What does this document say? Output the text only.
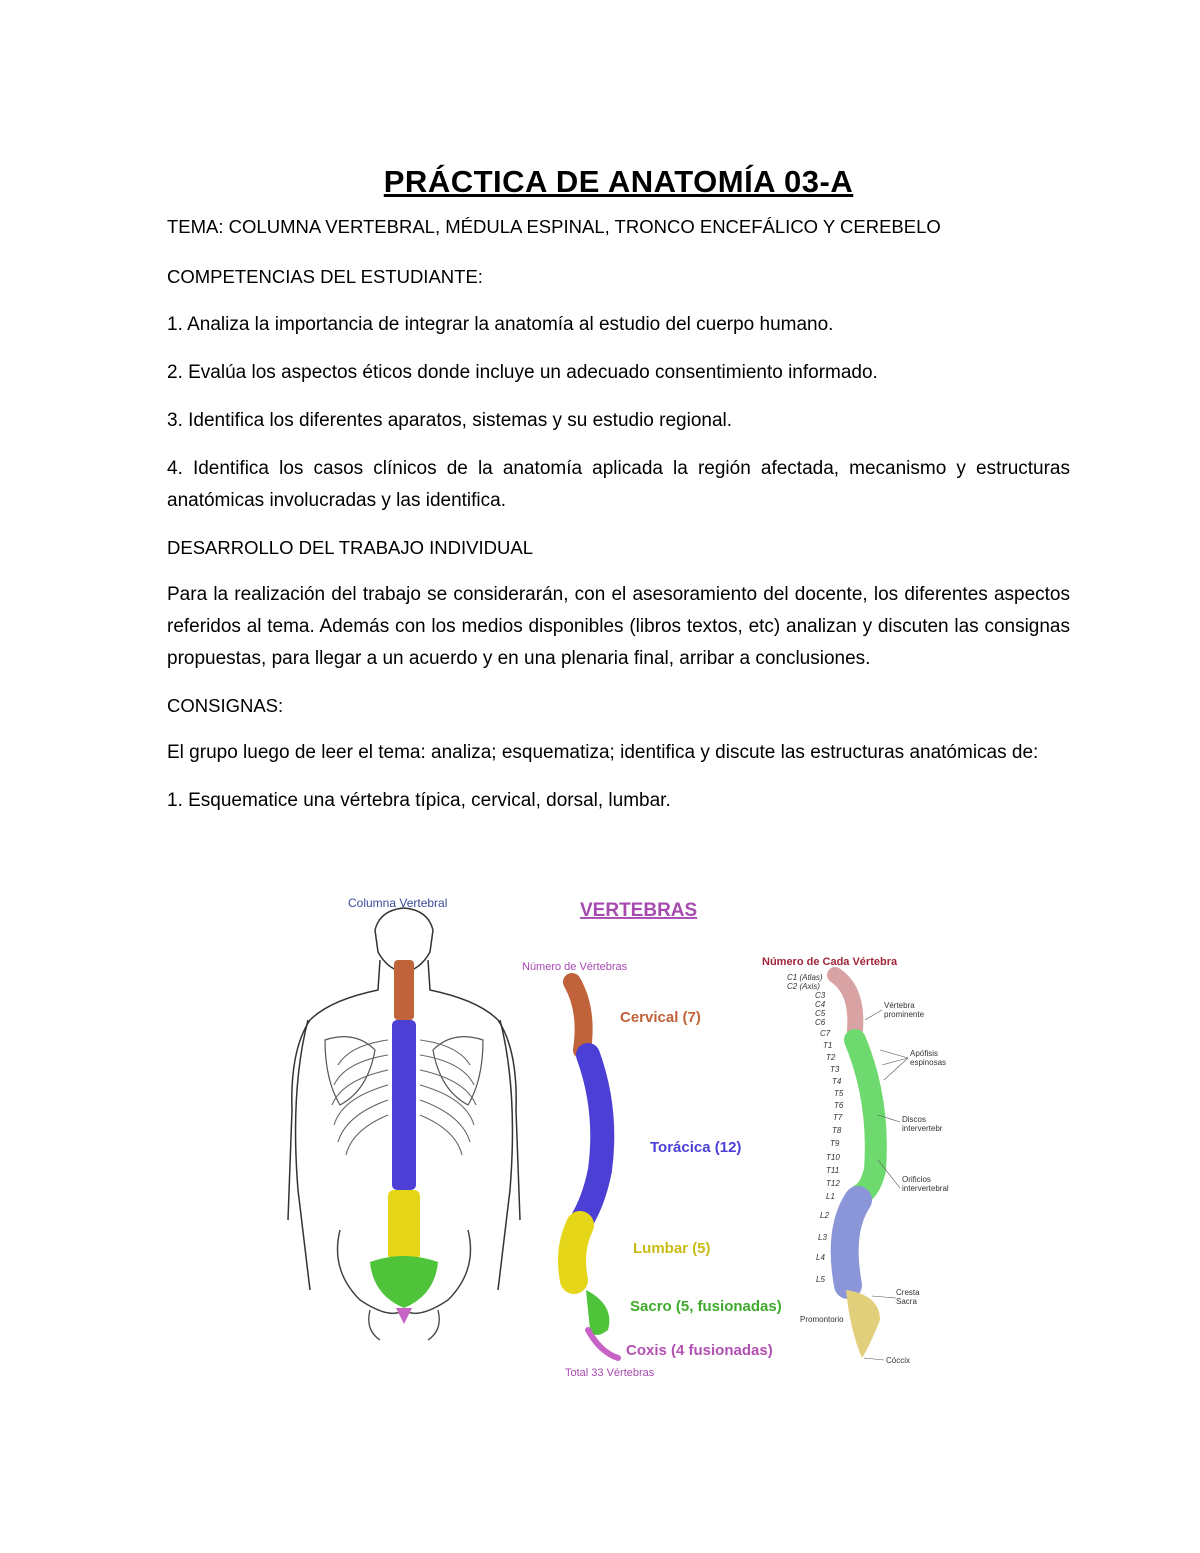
PRÁCTICA DE ANATOMÍA 03-A
TEMA: COLUMNA VERTEBRAL, MÉDULA ESPINAL, TRONCO ENCEFÁLICO Y CEREBELO
COMPETENCIAS DEL ESTUDIANTE:
1. Analiza la importancia de integrar la anatomía al estudio del cuerpo humano.
2. Evalúa los aspectos éticos donde incluye un adecuado consentimiento informado.
3. Identifica los diferentes aparatos, sistemas y su estudio regional.
4. Identifica los casos clínicos de la anatomía aplicada la región afectada, mecanismo y estructuras anatómicas involucradas y las identifica.
DESARROLLO DEL TRABAJO INDIVIDUAL
Para la realización del trabajo se considerarán, con el asesoramiento del docente, los diferentes aspectos referidos al tema. Además con los medios disponibles (libros textos, etc) analizan y discuten las consignas propuestas, para llegar a un acuerdo y en una plenaria final, arribar a conclusiones.
CONSIGNAS:
El grupo luego de leer el tema: analiza; esquematiza; identifica y discute las estructuras anatómicas de:
1. Esquematice una vértebra típica, cervical, dorsal, lumbar.
Columna Vertebral	VERTEBRAS
Número de Vértebras
Cervical (7)
Torácica (12)
Lumbar (5)
Sacro (5, fusionadas)
Coxis (4 fusionadas)
Total 33 Vértebras
Número de Cada Vértebra
C1 (Atlas)
C2 (Axis)
C3
C4
C5
C6
C7
T1
T2
T3
T4
T5
T6
T7
T8
T9
T10
T11
T12
L1
L2
L3
L4
L5
Vértebra
prominente
Apófisis
espinosas
Discos
intervertebr
Orificios
intervertebral
Cresta
Sacra
Promontorio
Cóccix
